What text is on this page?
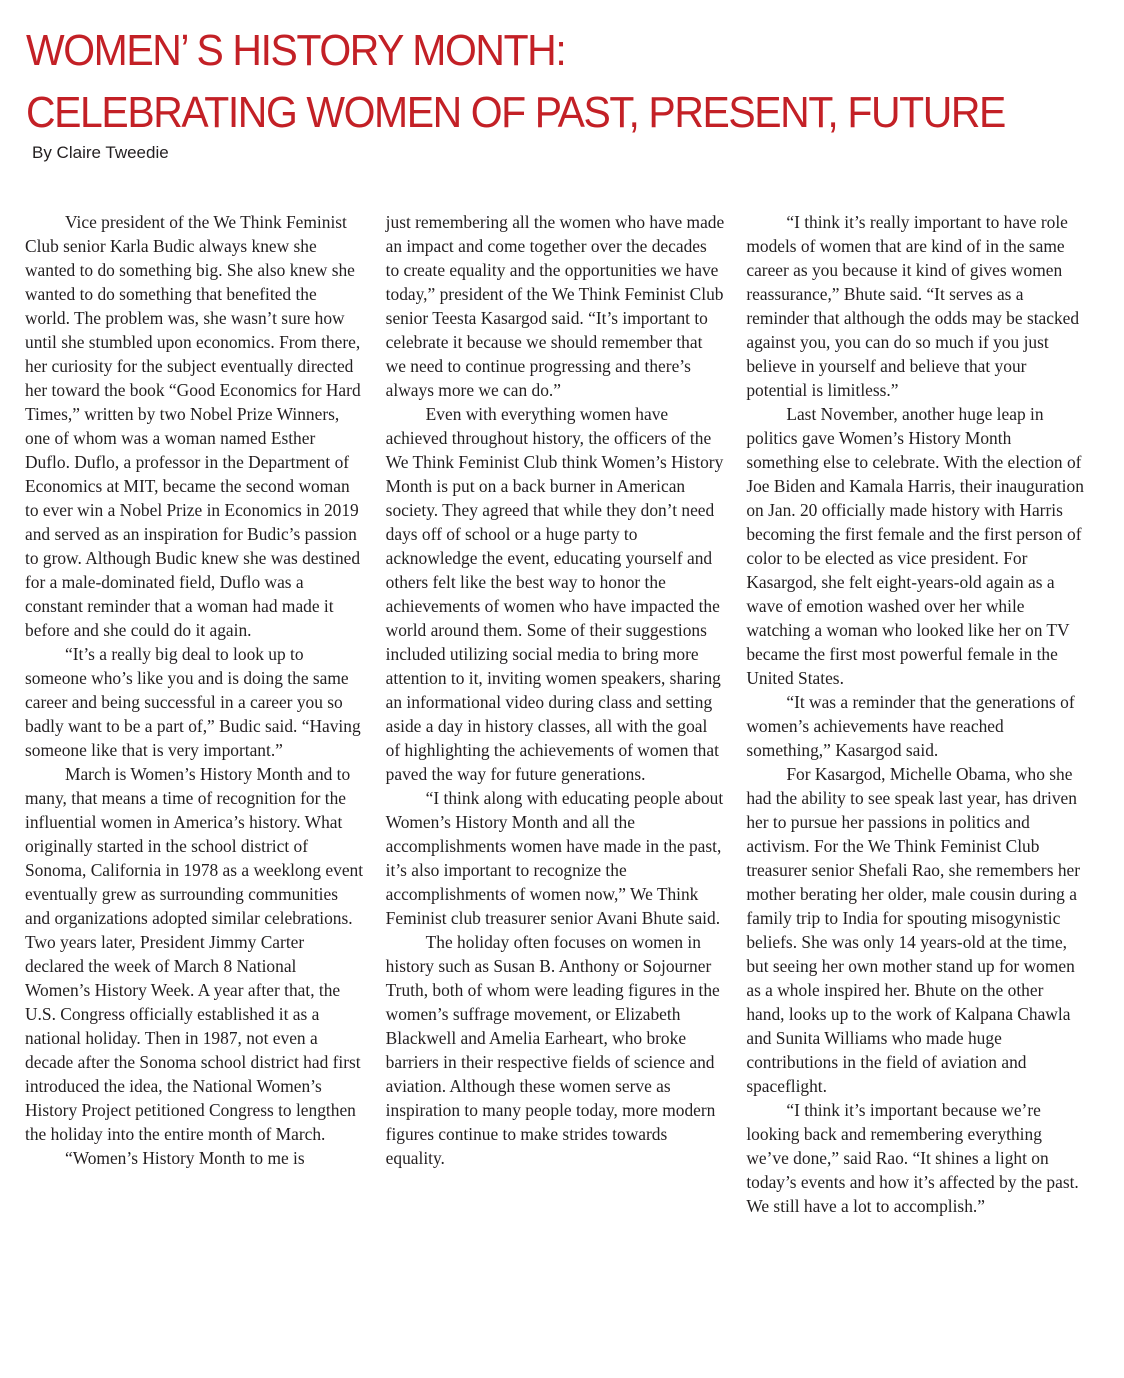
WOMEN’ S HISTORY MONTH:
CELEBRATING WOMEN OF PAST, PRESENT, FUTURE

By Claire Tweedie

Vice president of the We Think Feminist Club senior Karla Budic always knew she wanted to do something big. She also knew she wanted to do something that benefited the world. The problem was, she wasn’t sure how until she stumbled upon economics. From there, her curiosity for the subject eventually directed her toward the book “Good Economics for Hard Times,” written by two Nobel Prize Winners, one of whom was a woman named Esther Duflo. Duflo, a professor in the Department of Economics at MIT, became the second woman to ever win a Nobel Prize in Economics in 2019 and served as an inspiration for Budic’s passion to grow. Although Budic knew she was destined for a male-dominated field, Duflo was a constant reminder that a woman had made it before and she could do it again.

“It’s a really big deal to look up to someone who’s like you and is doing the same career and being successful in a career you so badly want to be a part of,” Budic said. “Having someone like that is very important.”

March is Women’s History Month and to many, that means a time of recognition for the influential women in America’s history. What originally started in the school district of Sonoma, California in 1978 as a weeklong event eventually grew as surrounding communities and organizations adopted similar celebrations. Two years later, President Jimmy Carter declared the week of March 8 National Women’s History Week. A year after that, the U.S. Congress officially established it as a national holiday. Then in 1987, not even a decade after the Sonoma school district had first introduced the idea, the National Women’s History Project petitioned Congress to lengthen the holiday into the entire month of March.

“Women’s History Month to me is

just remembering all the women who have made an impact and come together over the decades to create equality and the opportunities we have today,” president of the We Think Feminist Club senior Teesta Kasargod said. “It’s important to celebrate it because we should remember that we need to continue progressing and there’s always more we can do.”

Even with everything women have achieved throughout history, the officers of the We Think Feminist Club think Women’s History Month is put on a back burner in American society. They agreed that while they don’t need days off of school or a huge party to acknowledge the event, educating yourself and others felt like the best way to honor the achievements of women who have impacted the world around them. Some of their suggestions included utilizing social media to bring more attention to it, inviting women speakers, sharing an informational video during class and setting aside a day in history classes, all with the goal of highlighting the achievements of women that paved the way for future generations.

“I think along with educating people about Women’s History Month and all the accomplishments women have made in the past, it’s also important to recognize the accomplishments of women now,” We Think Feminist club treasurer senior Avani Bhute said.

The holiday often focuses on women in history such as Susan B. Anthony or Sojourner Truth, both of whom were leading figures in the women’s suffrage movement, or Elizabeth Blackwell and Amelia Earheart, who broke barriers in their respective fields of science and aviation. Although these women serve as inspiration to many people today, more modern figures continue to make strides towards equality.

“I think it’s really important to have role models of women that are kind of in the same career as you because it kind of gives women reassurance,” Bhute said. “It serves as a reminder that although the odds may be stacked against you, you can do so much if you just believe in yourself and believe that your potential is limitless.”

Last November, another huge leap in politics gave Women’s History Month something else to celebrate. With the election of Joe Biden and Kamala Harris, their inauguration on Jan. 20 officially made history with Harris becoming the first female and the first person of color to be elected as vice president. For Kasargod, she felt eight-years-old again as a wave of emotion washed over her while watching a woman who looked like her on TV became the first most powerful female in the United States.

“It was a reminder that the generations of women’s achievements have reached something,” Kasargod said.

For Kasargod, Michelle Obama, who she had the ability to see speak last year, has driven her to pursue her passions in politics and activism. For the We Think Feminist Club treasurer senior Shefali Rao, she remembers her mother berating her older, male cousin during a family trip to India for spouting misogynistic beliefs. She was only 14 years-old at the time, but seeing her own mother stand up for women as a whole inspired her. Bhute on the other hand, looks up to the work of Kalpana Chawla and Sunita Williams who made huge contributions in the field of aviation and spaceflight.

“I think it’s important because we’re looking back and remembering everything we’ve done,” said Rao. “It shines a light on today’s events and how it’s affected by the past. We still have a lot to accomplish.”
